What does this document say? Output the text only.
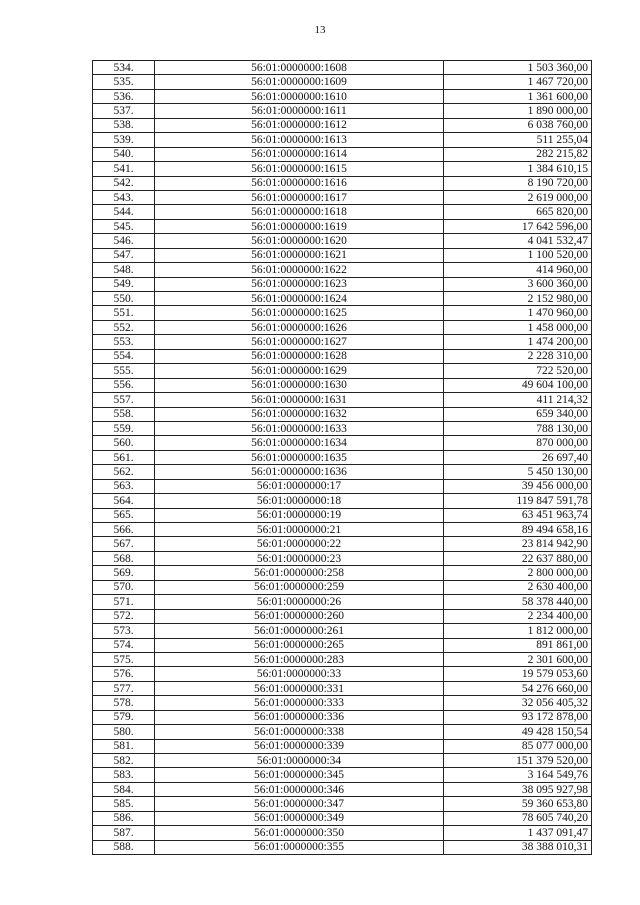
13
534.	56:01:0000000:1608	1 503 360,00
535.	56:01:0000000:1609	1 467 720,00
536.	56:01:0000000:1610	1 361 600,00
537.	56:01:0000000:1611	1 890 000,00
538.	56:01:0000000:1612	6 038 760,00
539.	56:01:0000000:1613	511 255,04
540.	56:01:0000000:1614	282 215,82
541.	56:01:0000000:1615	1 384 610,15
542.	56:01:0000000:1616	8 190 720,00
543.	56:01:0000000:1617	2 619 000,00
544.	56:01:0000000:1618	665 820,00
545.	56:01:0000000:1619	17 642 596,00
546.	56:01:0000000:1620	4 041 532,47
547.	56:01:0000000:1621	1 100 520,00
548.	56:01:0000000:1622	414 960,00
549.	56:01:0000000:1623	3 600 360,00
550.	56:01:0000000:1624	2 152 980,00
551.	56:01:0000000:1625	1 470 960,00
552.	56:01:0000000:1626	1 458 000,00
553.	56:01:0000000:1627	1 474 200,00
554.	56:01:0000000:1628	2 228 310,00
555.	56:01:0000000:1629	722 520,00
556.	56:01:0000000:1630	49 604 100,00
557.	56:01:0000000:1631	411 214,32
558.	56:01:0000000:1632	659 340,00
559.	56:01:0000000:1633	788 130,00
560.	56:01:0000000:1634	870 000,00
561.	56:01:0000000:1635	26 697,40
562.	56:01:0000000:1636	5 450 130,00
563.	56:01:0000000:17	39 456 000,00
564.	56:01:0000000:18	119 847 591,78
565.	56:01:0000000:19	63 451 963,74
566.	56:01:0000000:21	89 494 658,16
567.	56:01:0000000:22	23 814 942,90
568.	56:01:0000000:23	22 637 880,00
569.	56:01:0000000:258	2 800 000,00
570.	56:01:0000000:259	2 630 400,00
571.	56:01:0000000:26	58 378 440,00
572.	56:01:0000000:260	2 234 400,00
573.	56:01:0000000:261	1 812 000,00
574.	56:01:0000000:265	891 861,00
575.	56:01:0000000:283	2 301 600,00
576.	56:01:0000000:33	19 579 053,60
577.	56:01:0000000:331	54 276 660,00
578.	56:01:0000000:333	32 056 405,32
579.	56:01:0000000:336	93 172 878,00
580.	56:01:0000000:338	49 428 150,54
581.	56:01:0000000:339	85 077 000,00
582.	56:01:0000000:34	151 379 520,00
583.	56:01:0000000:345	3 164 549,76
584.	56:01:0000000:346	38 095 927,98
585.	56:01:0000000:347	59 360 653,80
586.	56:01:0000000:349	78 605 740,20
587.	56:01:0000000:350	1 437 091,47
588.	56:01:0000000:355	38 388 010,31
